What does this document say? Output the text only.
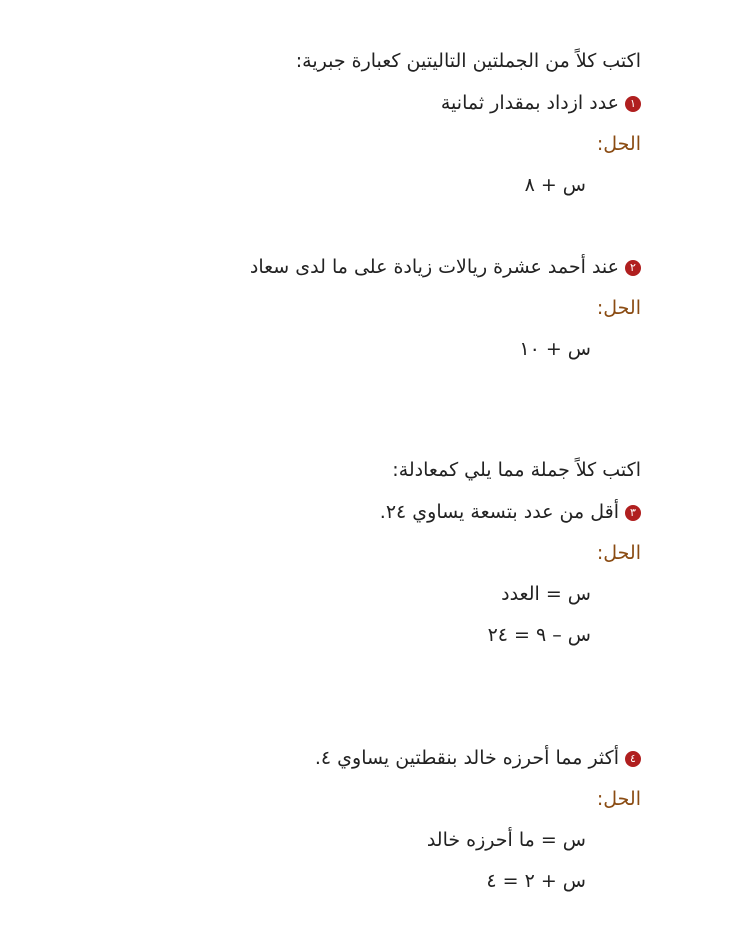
اكتب كلاً من الجملتين التاليتين كعبارة جبرية:
١عدد ازداد بمقدار ثمانية
الحل:
س + ٨
٢عند أحمد عشرة ريالات زيادة على ما لدى سعاد
الحل:
س + ١٠
اكتب كلاً جملة مما يلي كمعادلة:
٣أقل من عدد بتسعة يساوي ٢٤.
الحل:
س = العدد
س – ٩ = ٢٤
٤أكثر مما أحرزه خالد بنقطتين يساوي ٤.
الحل:
س = ما أحرزه خالد
س + ٢ = ٤
